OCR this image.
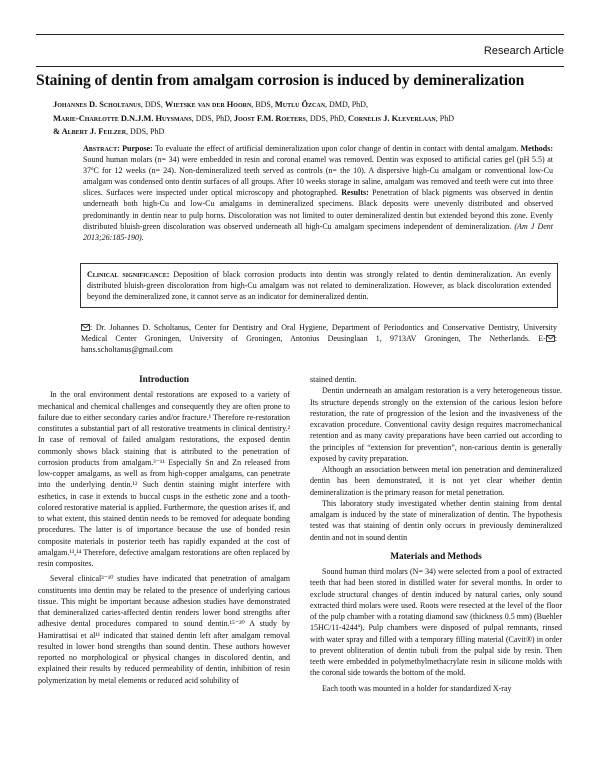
Research Article
Staining of dentin from amalgam corrosion is induced by demineralization
Johannes D. Scholtanus, DDS, Wietske van der Hoorn, BDS, Mutlu Özcan, DMD, PhD,
Marie-Charlotte D.N.J.M. Huysmans, DDS, PhD, Joost F.M. Roeters, DDS, PhD, Cornelis J. Kleverlaan, PhD
& Albert J. Feilzer, DDS, PhD
Abstract: Purpose: To evaluate the effect of artificial demineralization upon color change of dentin in contact with dental amalgam. Methods: Sound human molars (n= 34) were embedded in resin and coronal enamel was removed. Dentin was exposed to artificial caries gel (pH 5.5) at 37ºC for 12 weeks (n= 24). Non-demineralized teeth served as controls (n= the 10). A dispersive high-Cu amalgam or conventional low-Cu amalgam was condensed onto dentin surfaces of all groups. After 10 weeks storage in saline, amalgam was removed and teeth were cut into three slices. Surfaces were inspected under optical microscopy and photographed. Results: Penetration of black pigments was observed in dentin underneath both high-Cu and low-Cu amalgams in demineralized specimens. Black deposits were unevenly distributed and observed predominantly in dentin near to pulp horns. Discoloration was not limited to outer demineralized dentin but extended beyond this zone. Evenly distributed bluish-green discoloration was observed underneath all high-Cu amalgam specimens independent of demineralization. (Am J Dent 2013;26:185-190).
Clinical significance: Deposition of black corrosion products into dentin was strongly related to dentin demineralization. An evenly distributed bluish-green discoloration from high-Cu amalgam was not related to demineralization. However, as black discoloration extended beyond the demineralized zone, it cannot serve as an indicator for demineralized dentin.
: Dr. Johannes D. Scholtanus, Center for Dentistry and Oral Hygiene, Department of Periodontics and Conservative Dentistry, University Medical Center Groningen, University of Groningen, Antonius Deusinglaan 1, 9713AV Groningen, The Netherlands. E- : hans.scholtanus@gmail.com
Introduction

In the oral environment dental restorations are exposed to a variety of mechanical and chemical challenges and consequently they are often prone to failure due to either secondary caries and/or fracture.¹ Therefore re-restoration constitutes a substantial part of all restorative treatments in clinical dentistry.² In case of removal of failed amalgam restorations, the exposed dentin commonly shows black staining that is attributed to the penetration of corrosion products from amalgam.³⁻¹¹ Especially Sn and Zn released from low-copper amalgams, as well as from high-copper amalgams, can penetrate into the underlying dentin.¹² Such dentin staining might interfere with esthetics, in case it extends to buccal cusps in the esthetic zone and a tooth-colored restorative material is applied. Furthermore, the question arises if, and to what extent, this stained dentin needs to be removed for adequate bonding procedures. The latter is of importance because the use of bonded resin composite materials in posterior teeth has rapidly expanded at the cost of amalgam.¹³,¹⁴ Therefore, defective amalgam restorations are often replaced by resin composites.

Several clinical³⁻¹⁰ studies have indicated that penetration of amalgam constituents into dentin may be related to the presence of underlying carious tissue. This might be important because adhesion studies have demonstrated that demineralized caries-affected dentin renders lower bond strengths after adhesive dental procedures compared to sound dentin.¹⁵⁻²⁰ A study by Hamirattisai et al¹¹ indicated that stained dentin left after amalgam removal resulted in lower bond strengths than sound dentin. These authors however reported no morphological or physical changes in discolored dentin, and explained their results by reduced permeability of dentin, inhibition of resin polymerization by metal elements or reduced acid solubility of

stained dentin.

Dentin underneath an amalgam restoration is a very heterogeneous tissue. Its structure depends strongly on the extension of the carious lesion before restoration, the rate of progression of the lesion and the invasiveness of the excavation procedure. Conventional cavity design requires macromechanical retention and as many cavity preparations have been carried out according to the principles of “extension for prevention”, non-carious dentin is generally exposed by cavity preparation.

Although an association between metal ion penetration and demineralized dentin has been demonstrated, it is not yet clear whether dentin demineralization is the primary reason for metal penetration.

This laboratory study investigated whether dentin staining from dental amalgam is induced by the state of mineralization of dentin. The hypothesis tested was that staining of dentin only occurs in previously demineralized dentin and not in sound dentin

Materials and Methods

Sound human third molars (N= 34) were selected from a pool of extracted teeth that had been stored in distilled water for several months. In order to exclude structural changes of dentin induced by natural caries, only sound extracted third molars were used. Roots were resected at the level of the floor of the pulp chamber with a rotating diamond saw (thickness 0.5 mm) (Buehler 15HC/11-4244ª). Pulp chambers were disposed of pulpal remnants, rinsed with water spray and filled with a temporary filling material (Cavit®) in order to prevent obliteration of dentin tubuli from the pulpal side by resin. Then teeth were embedded in polymethylmethacrylate resin in silicone molds with the coronal side towards the bottom of the mold.

Each tooth was mounted in a holder for standardized X-ray
